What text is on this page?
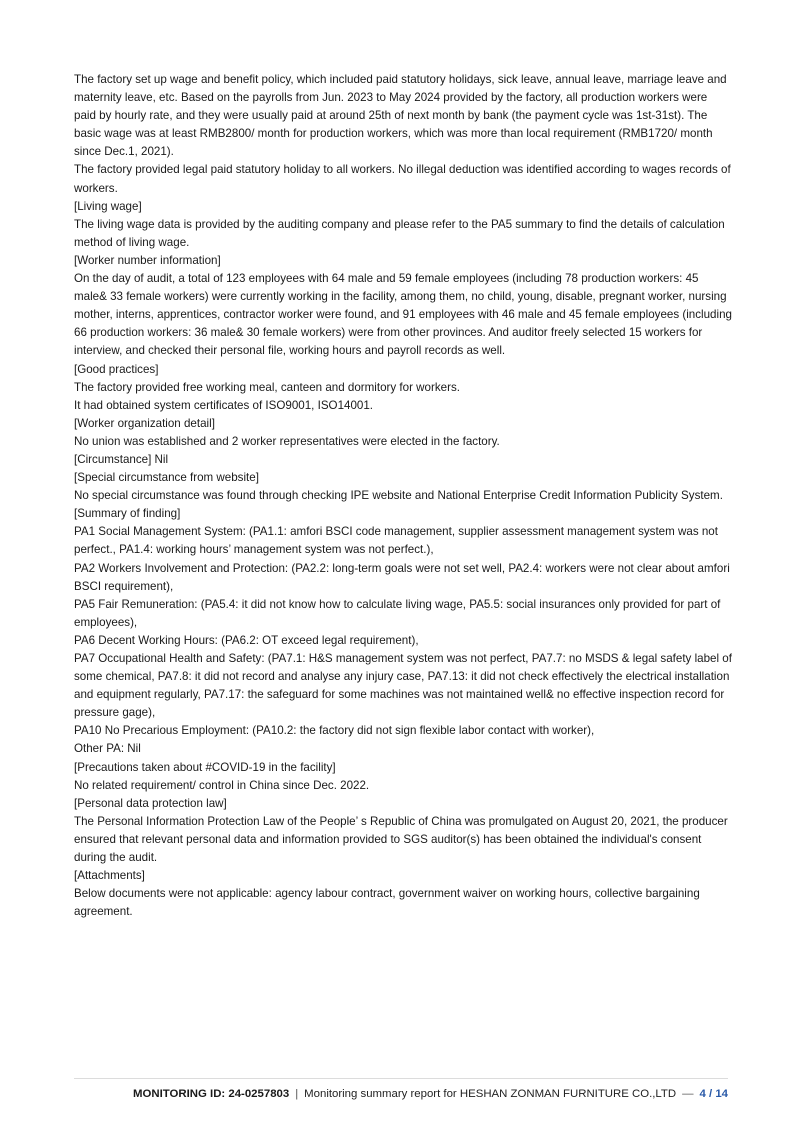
The factory set up wage and benefit policy, which included paid statutory holidays, sick leave, annual leave, marriage leave and maternity leave, etc. Based on the payrolls from Jun. 2023 to May 2024 provided by the factory, all production workers were paid by hourly rate, and they were usually paid at around 25th of next month by bank (the payment cycle was 1st-31st). The basic wage was at least RMB2800/ month for production workers, which was more than local requirement (RMB1720/ month since Dec.1, 2021).

The factory provided legal paid statutory holiday to all workers. No illegal deduction was identified according to wages records of workers.

[Living wage]

The living wage data is provided by the auditing company and please refer to the PA5 summary to find the details of calculation method of living wage.

[Worker number information]

On the day of audit, a total of 123 employees with 64 male and 59 female employees (including 78 production workers: 45 male& 33 female workers) were currently working in the facility, among them, no child, young, disable, pregnant worker, nursing mother, interns, apprentices, contractor worker were found, and 91 employees with 46 male and 45 female employees (including 66 production workers: 36 male& 30 female workers) were from other provinces. And auditor freely selected 15 workers for interview, and checked their personal file, working hours and payroll records as well.

[Good practices]

The factory provided free working meal, canteen and dormitory for workers.

It had obtained system certificates of ISO9001, ISO14001.

[Worker organization detail]

No union was established and 2 worker representatives were elected in the factory.

[Circumstance] Nil

[Special circumstance from website]

No special circumstance was found through checking IPE website and National Enterprise Credit Information Publicity System.

[Summary of finding]

PA1 Social Management System: (PA1.1: amfori BSCI code management, supplier assessment management system was not perfect., PA1.4: working hours’ management system was not perfect.),

PA2 Workers Involvement and Protection: (PA2.2: long-term goals were not set well, PA2.4: workers were not clear about amfori BSCI requirement),

PA5 Fair Remuneration: (PA5.4: it did not know how to calculate living wage, PA5.5: social insurances only provided for part of employees),

PA6 Decent Working Hours: (PA6.2: OT exceed legal requirement),

PA7 Occupational Health and Safety: (PA7.1: H&S management system was not perfect, PA7.7: no MSDS & legal safety label of some chemical, PA7.8: it did not record and analyse any injury case, PA7.13: it did not check effectively the electrical installation and equipment regularly, PA7.17: the safeguard for some machines was not maintained well& no effective inspection record for pressure gage),

PA10 No Precarious Employment: (PA10.2: the factory did not sign flexible labor contact with worker),

Other PA: Nil

[Precautions taken about #COVID-19 in the facility]

No related requirement/ control in China since Dec. 2022.

[Personal data protection law]

The Personal Information Protection Law of the People’ s Republic of China was promulgated on August 20, 2021, the producer ensured that relevant personal data and information provided to SGS auditor(s) has been obtained the individual's consent during the audit.

[Attachments]

Below documents were not applicable: agency labour contract, government waiver on working hours, collective bargaining agreement.

MONITORING ID: 24-0257803 | Monitoring summary report for HESHAN ZONMAN FURNITURE CO.,LTD — 4 / 14
